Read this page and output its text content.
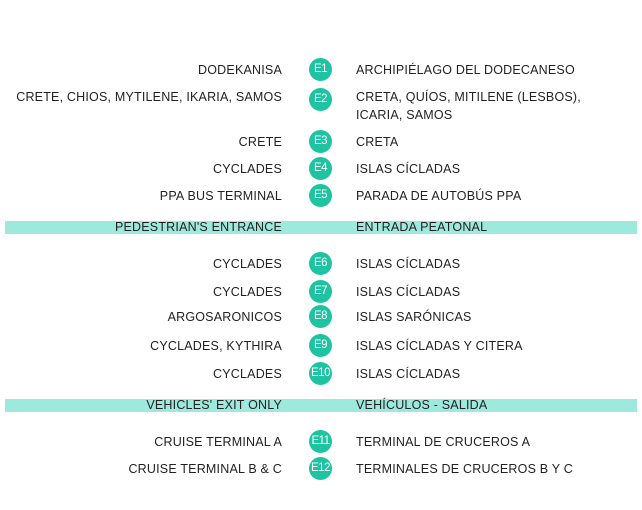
DODEKANISA	E1	ARCHIPIÉLAGO DEL DODECANESO
CRETE, CHIOS, MYTILENE, IKARIA, SAMOS	E2	CRETA, QUÍOS, MITILENE (LESBOS), ICARIA, SAMOS
CRETE	E3	CRETA
CYCLADES	E4	ISLAS CÍCLADAS
PPA BUS TERMINAL	E5	PARADA DE AUTOBÚS PPA
PEDESTRIAN'S ENTRANCE	ENTRADA PEATONAL
CYCLADES	E6	ISLAS CÍCLADAS
CYCLADES	E7	ISLAS CÍCLADAS
ARGOSARONICOS	E8	ISLAS SARÓNICAS
CYCLADES, KYTHIRA	E9	ISLAS CÍCLADAS Y CITERA
CYCLADES	E10 ISLAS CÍCLADAS
VEHICLES' EXIT ONLY	VEHÍCULOS - SALIDA
CRUISE TERMINAL A	E11 TERMINAL DE CRUCEROS A
CRUISE TERMINAL B & C	E12 TERMINALES DE CRUCEROS B Y C
